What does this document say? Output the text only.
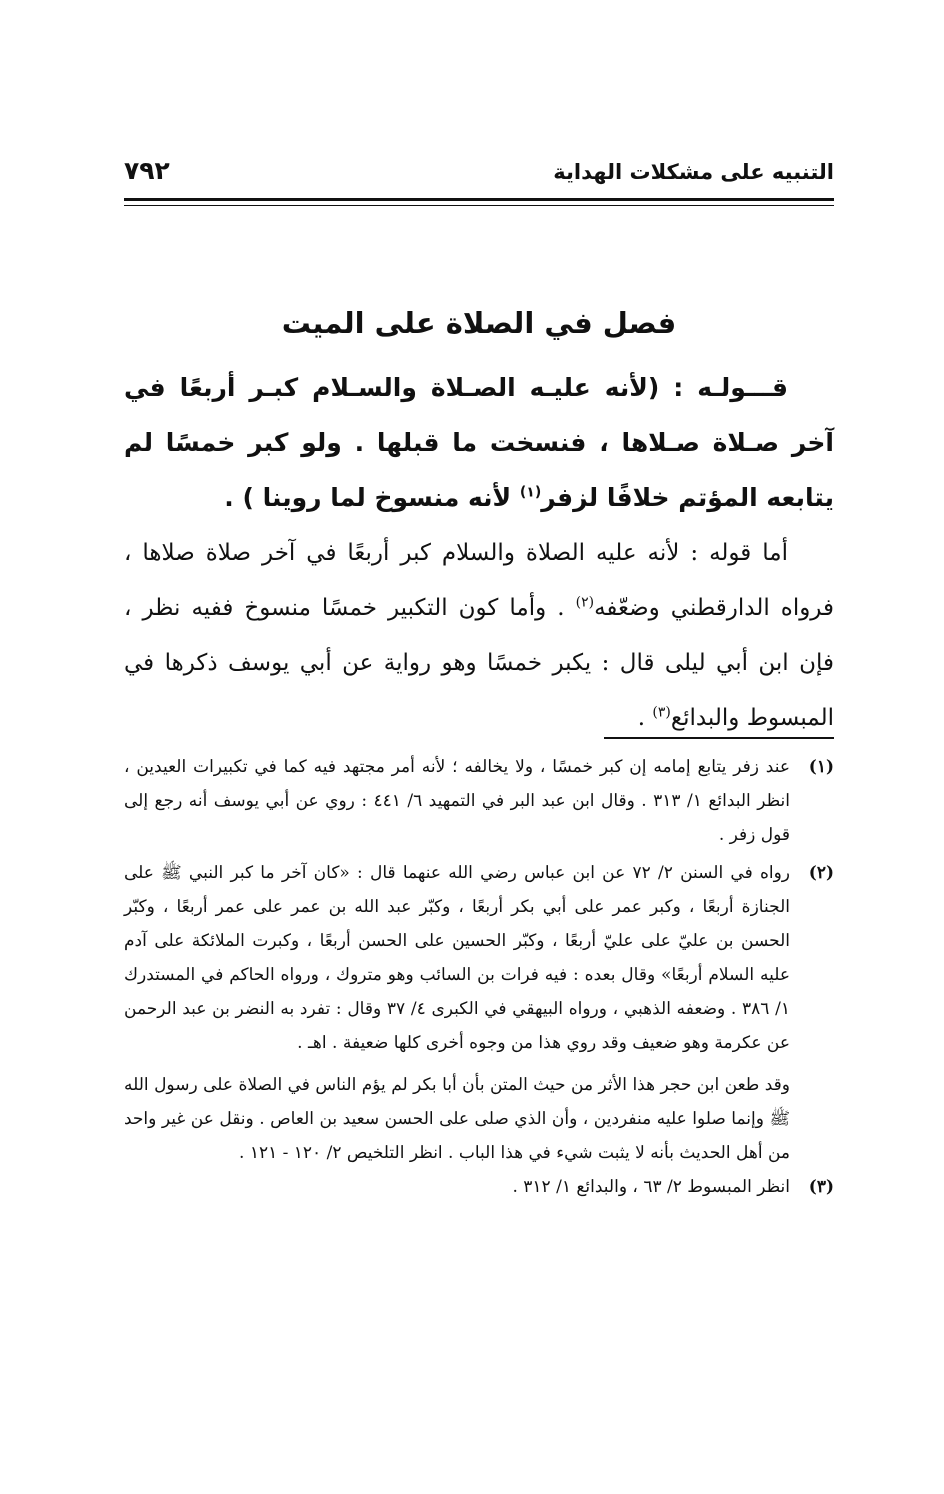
التنبيه على مشكلات الهداية
٧٩٢
فصل في الصلاة على الميت
قـــولـه : (لأنه عليـه الصـلاة والسـلام كبـر أربعًا في آخر صـلاة صـلاها ، فنسخت ما قبلها . ولو كبر خمسًا لم يتابعه المؤتم خلافًا لزفر$^{(١)}$ لأنه منسوخ لما روينا ) .
أما قوله : لأنه عليه الصلاة والسلام كبر أربعًا في آخر صلاة صلاها ، فرواه الدارقطني وضعّفه$^{(٢)}$ . وأما كون التكبير خمسًا منسوخ ففيه نظر ، فإن ابن أبي ليلى قال : يكبر خمسًا وهو رواية عن أبي يوسف ذكرها في المبسوط والبدائع$^{(٣)}$ .
(١)
عند زفر يتابع إمامه إن كبر خمسًا ، ولا يخالفه ؛ لأنه أمر مجتهد فيه كما في تكبيرات العيدين ، انظر البدائع ١/ ٣١٣ . وقال ابن عبد البر في التمهيد ٦/ ٤٤١ : روي عن أبي يوسف أنه رجع إلى قول زفر .
(٢)
رواه في السنن ٢/ ٧٢ عن ابن عباس رضي الله عنهما قال : «كان آخر ما كبر النبي ﷺ على الجنازة أربعًا ، وكبر عمر على أبي بكر أربعًا ، وكبّر عبد الله بن عمر على عمر أربعًا ، وكبّر الحسن بن عليّ على عليّ أربعًا ، وكبّر الحسين على الحسن أربعًا ، وكبرت الملائكة على آدم عليه السلام أربعًا» وقال بعده : فيه فرات بن السائب وهو متروك ، ورواه الحاكم في المستدرك ١/ ٣٨٦ . وضعفه الذهبي ، ورواه البيهقي في الكبرى ٤/ ٣٧ وقال : تفرد به النضر بن عبد الرحمن عن عكرمة وهو ضعيف وقد روي هذا من وجوه أخرى كلها ضعيفة . اهـ .
وقد طعن ابن حجر هذا الأثر من حيث المتن بأن أبا بكر لم يؤم الناس في الصلاة على رسول الله ﷺ وإنما صلوا عليه منفردين ، وأن الذي صلى على الحسن سعيد بن العاص . ونقل عن غير واحد من أهل الحديث بأنه لا يثبت شيء في هذا الباب . انظر التلخيص ٢/ ١٢٠ - ١٢١ .
(٣)
انظر المبسوط ٢/ ٦٣ ، والبدائع ١/ ٣١٢ .
